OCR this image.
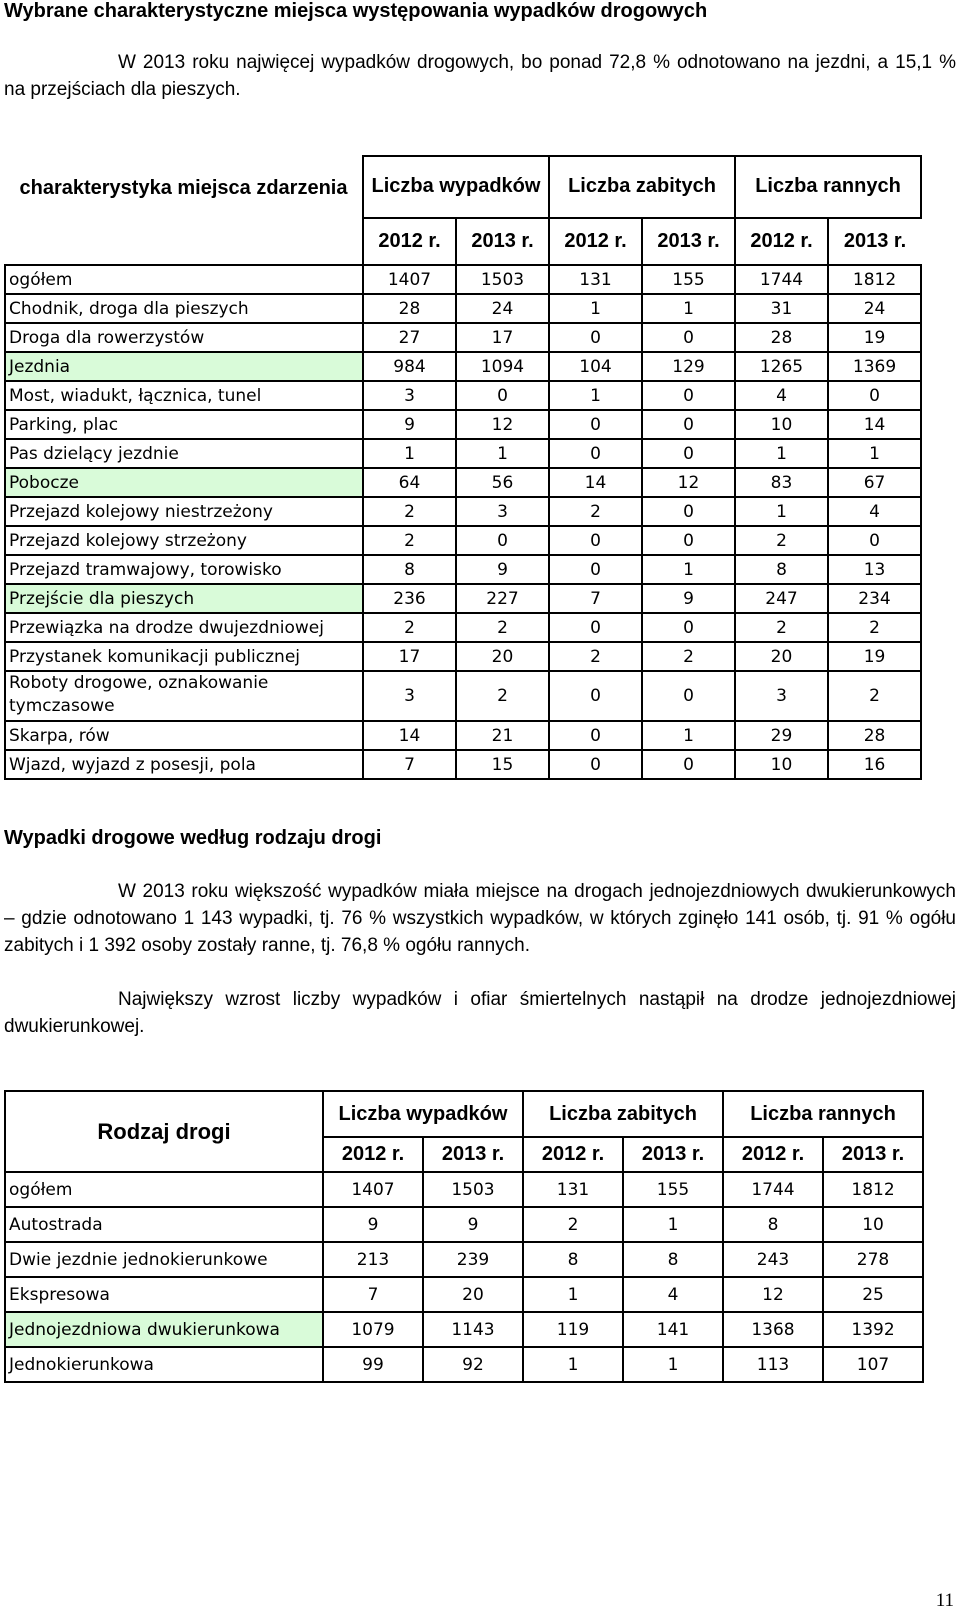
Wybrane charakterystyczne miejsca występowania wypadków drogowych

W 2013 roku najwięcej wypadków drogowych, bo ponad 72,8 % odnotowano na jezdni, a 15,1 % na przejściach dla pieszych.

charakterystyka miejsca zdarzenia	Liczba wypadków		Liczba zabitych		Liczba rannych	
	2012 r.	2013 r.	2012 r.	2013 r.	2012 r.	2013 r.
ogółem	1407	1503	131	155	1744	1812
Chodnik, droga dla pieszych	28	24	1	1	31	24
Droga dla rowerzystów	27	17	0	0	28	19
Jezdnia	984	1094	104	129	1265	1369
Most, wiadukt, łącznica, tunel	3	0	1	0	4	0
Parking, plac	9	12	0	0	10	14
Pas dzielący jezdnie	1	1	0	0	1	1
Pobocze	64	56	14	12	83	67
Przejazd kolejowy niestrzeżony	2	3	2	0	1	4
Przejazd kolejowy strzeżony	2	0	0	0	2	0
Przejazd tramwajowy, torowisko	8	9	0	1	8	13
Przejście dla pieszych	236	227	7	9	247	234
Przewiązka na drodze dwujezdniowej	2	2	0	0	2	2
Przystanek komunikacji publicznej	17	20	2	2	20	19
Roboty drogowe, oznakowanie tymczasowe	3	2	0	0	3	2
Skarpa, rów	14	21	0	1	29	28
Wjazd, wyjazd z posesji, pola	7	15	0	0	10	16
Wypadki drogowe według rodzaju drogi

W 2013 roku większość wypadków miała miejsce na drogach jednojezdniowych dwukierunkowych – gdzie odnotowano 1 143 wypadki, tj. 76 % wszystkich wypadków, w których zginęło 141 osób, tj. 91 % ogółu zabitych i 1 392 osoby zostały ranne, tj. 76,8 % ogółu rannych.

Największy wzrost liczby wypadków i ofiar śmiertelnych nastąpił na drodze jednojezdniowej dwukierunkowej.

Rodzaj drogi	Liczba wypadków		Liczba zabitych		Liczba rannych	
	2012 r.	2013 r.	2012 r.	2013 r.	2012 r.	2013 r.
ogółem	1407	1503	131	155	1744	1812
Autostrada	9	9	2	1	8	10
Dwie jezdnie jednokierunkowe	213	239	8	8	243	278
Ekspresowa	7	20	1	4	12	25
Jednojezdniowa dwukierunkowa	1079	1143	119	141	1368	1392
Jednokierunkowa	99	92	1	1	113	107
11
